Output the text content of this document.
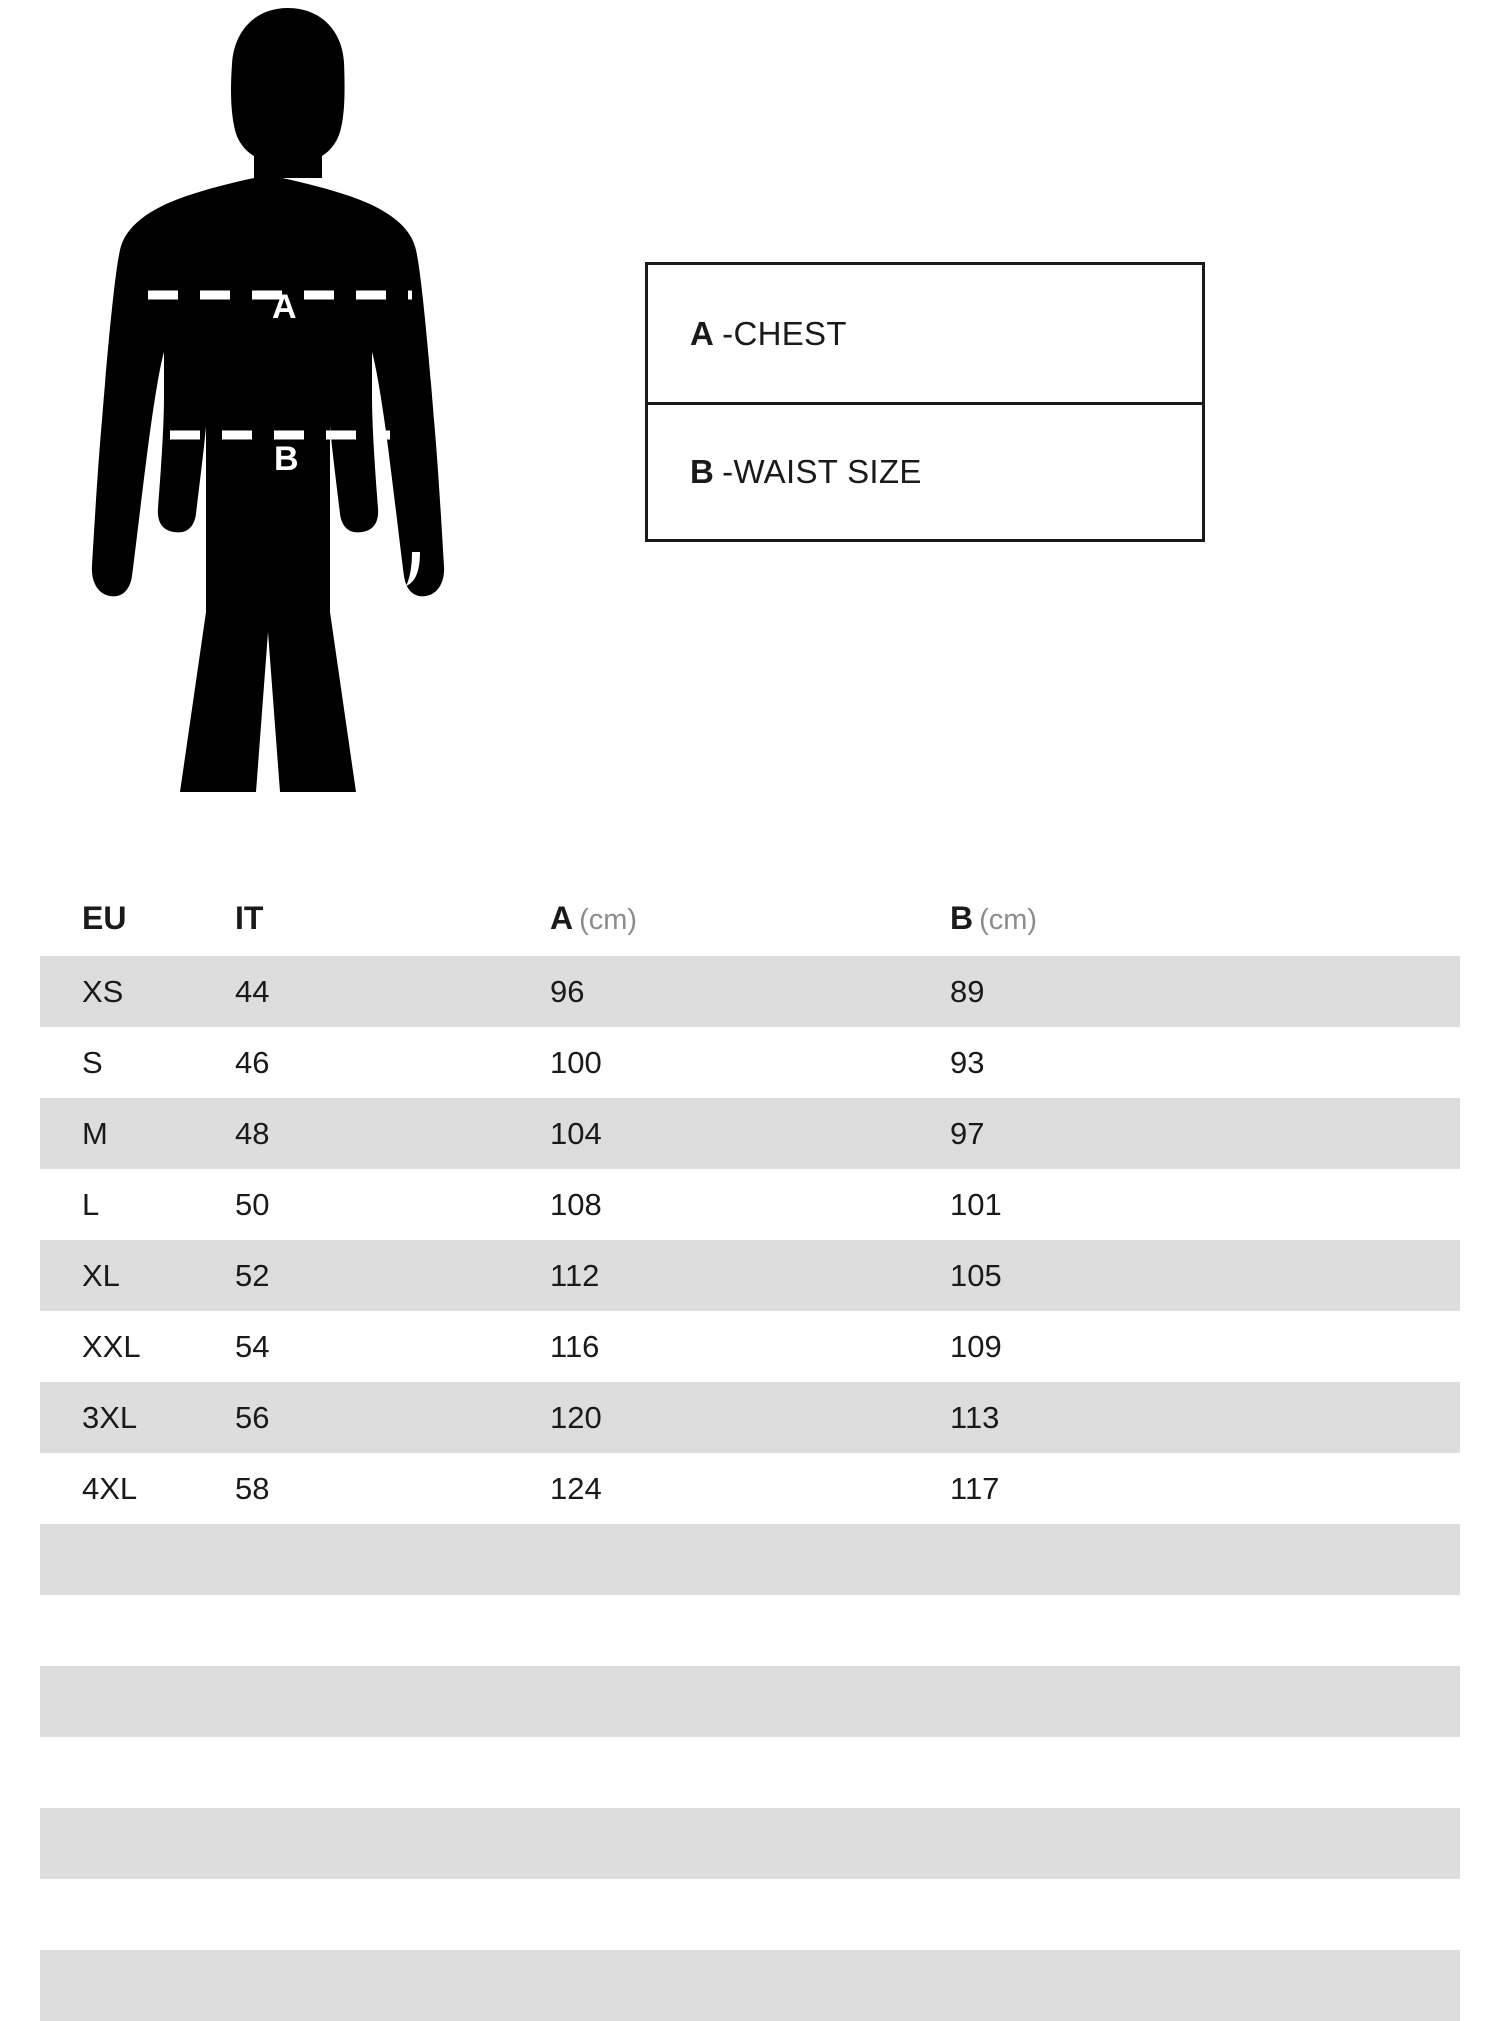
A
B
A - CHEST
B - WAIST SIZE
EU	IT	A (cm)	B (cm)
XS	44	96	89
S	46	100	93
M	48	104	97
L	50	108	101
XL	52	112	105
XXL	54	116	109
3XL	56	120	113
4XL	58	124	117
